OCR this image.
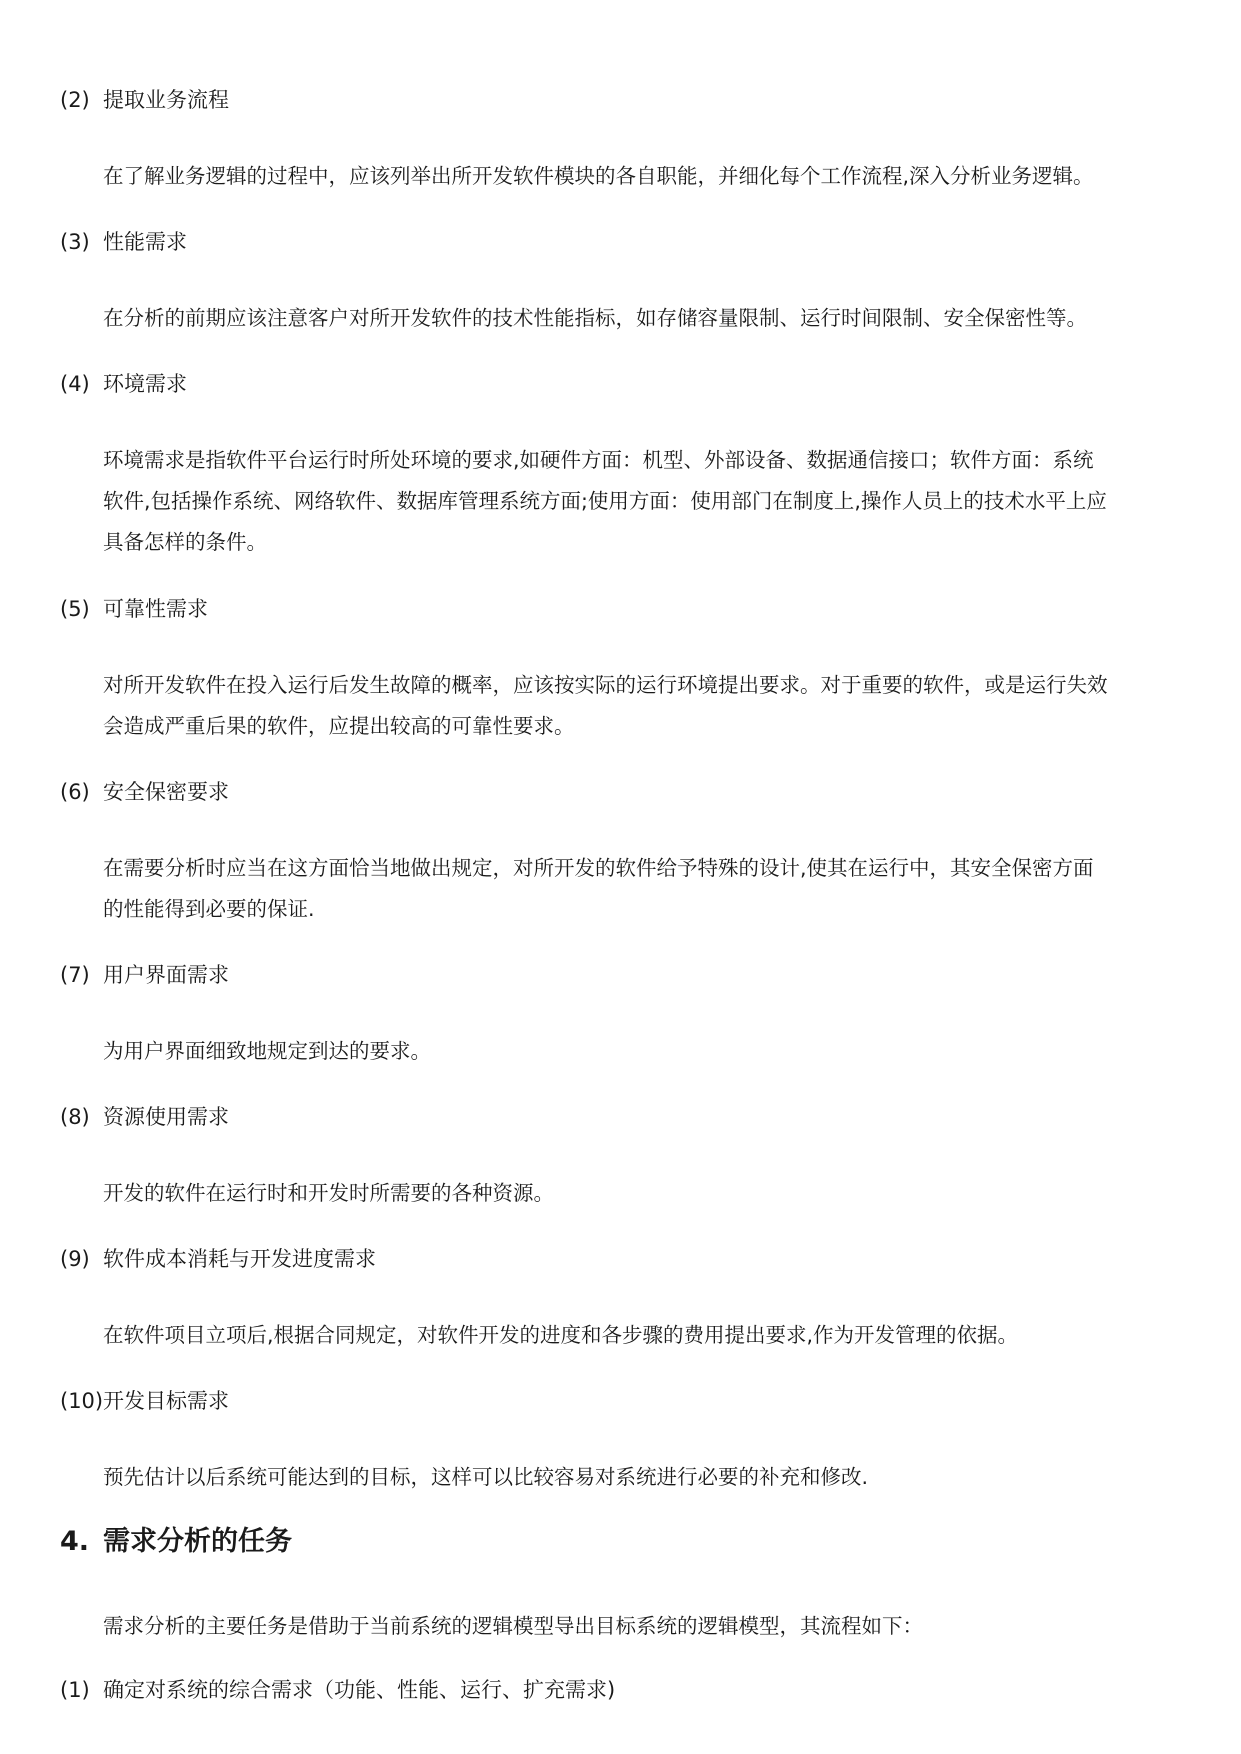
(2) 提取业务流程

在了解业务逻辑的过程中，应该列举出所开发软件模块的各自职能，并细化每个工作流程,深入分析业务逻辑。

(3) 性能需求

在分析的前期应该注意客户对所开发软件的技术性能指标，如存储容量限制、运行时间限制、安全保密性等。

(4) 环境需求

环境需求是指软件平台运行时所处环境的要求,如硬件方面：机型、外部设备、数据通信接口；软件方面：系统

软件,包括操作系统、网络软件、数据库管理系统方面;使用方面：使用部门在制度上,操作人员上的技术水平上应

具备怎样的条件。

(5) 可靠性需求

对所开发软件在投入运行后发生故障的概率，应该按实际的运行环境提出要求。对于重要的软件，或是运行失效

会造成严重后果的软件，应提出较高的可靠性要求。

(6) 安全保密要求

在需要分析时应当在这方面恰当地做出规定，对所开发的软件给予特殊的设计,使其在运行中，其安全保密方面

的性能得到必要的保证.

(7) 用户界面需求

为用户界面细致地规定到达的要求。

(8) 资源使用需求

开发的软件在运行时和开发时所需要的各种资源。

(9) 软件成本消耗与开发进度需求

在软件项目立项后,根据合同规定，对软件开发的进度和各步骤的费用提出要求,作为开发管理的依据。

(10) 开发目标需求

预先估计以后系统可能达到的目标，这样可以比较容易对系统进行必要的补充和修改.

4. 需求分析的任务
需求分析的主要任务是借助于当前系统的逻辑模型导出目标系统的逻辑模型，其流程如下：
(1) 确定对系统的综合需求（功能、性能、运行、扩充需求)
